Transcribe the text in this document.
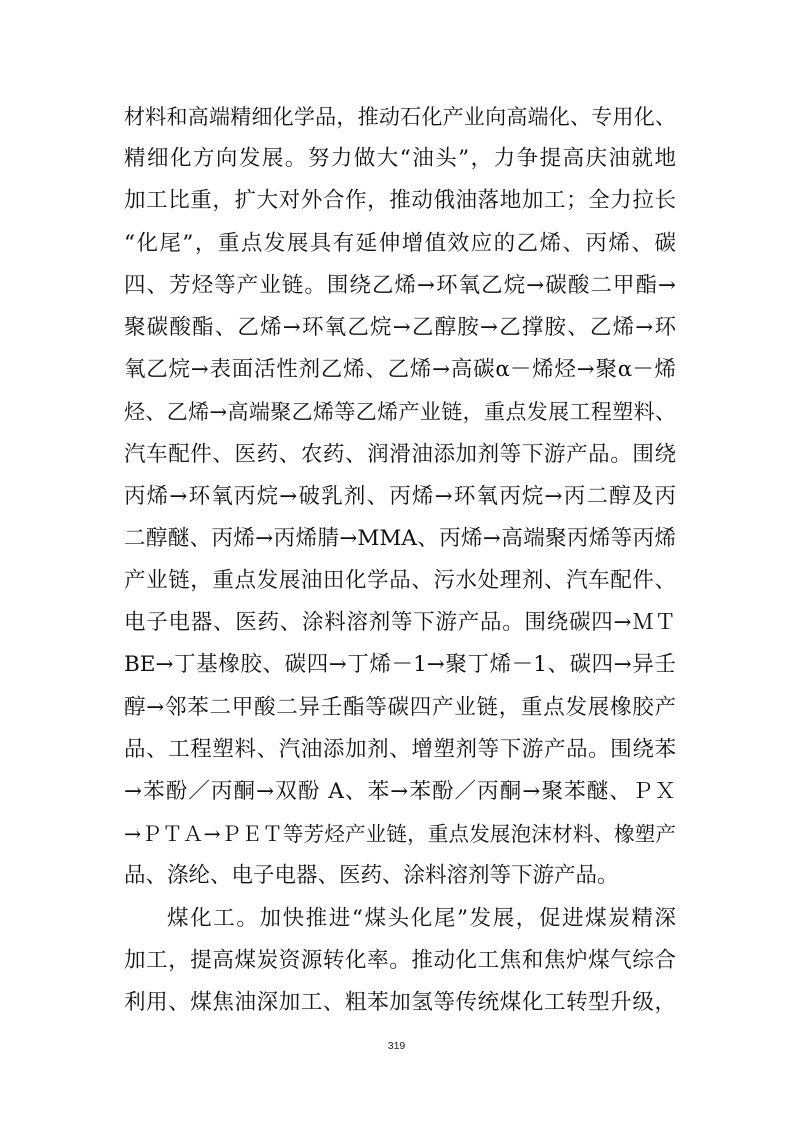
材料和高端精细化学品，推动石化产业向高端化、专用化、
精细化方向发展。努力做大“油头”，力争提高庆油就地
加工比重，扩大对外合作，推动俄油落地加工；全力拉长
“化尾”，重点发展具有延伸增值效应的乙烯、丙烯、碳
四、芳烃等产业链。围绕乙烯→环氧乙烷→碳酸二甲酯→
聚碳酸酯、乙烯→环氧乙烷→乙醇胺→乙撑胺、乙烯→环
氧乙烷→表面活性剂乙烯、乙烯→高碳α－烯烃→聚α－烯
烃、乙烯→高端聚乙烯等乙烯产业链，重点发展工程塑料、
汽车配件、医药、农药、润滑油添加剂等下游产品。围绕
丙烯→环氧丙烷→破乳剂、丙烯→环氧丙烷→丙二醇及丙
二醇醚、丙烯→丙烯腈→MMA、丙烯→高端聚丙烯等丙烯
产业链，重点发展油田化学品、污水处理剂、汽车配件、
电子电器、医药、涂料溶剂等下游产品。围绕碳四→ＭＴ
BE→丁基橡胶、碳四→丁烯－1→聚丁烯－1、碳四→异壬
醇→邻苯二甲酸二异壬酯等碳四产业链，重点发展橡胶产
品、工程塑料、汽油添加剂、增塑剂等下游产品。围绕苯
→苯酚／丙酮→双酚 A、苯→苯酚／丙酮→聚苯醚、ＰＸ
→ＰＴＡ→ＰＥＴ等芳烃产业链，重点发展泡沫材料、橡塑产
品、涤纶、电子电器、医药、涂料溶剂等下游产品。
煤化工。加快推进“煤头化尾”发展，促进煤炭精深
加工，提高煤炭资源转化率。推动化工焦和焦炉煤气综合
利用、煤焦油深加工、粗苯加氢等传统煤化工转型升级，
319
